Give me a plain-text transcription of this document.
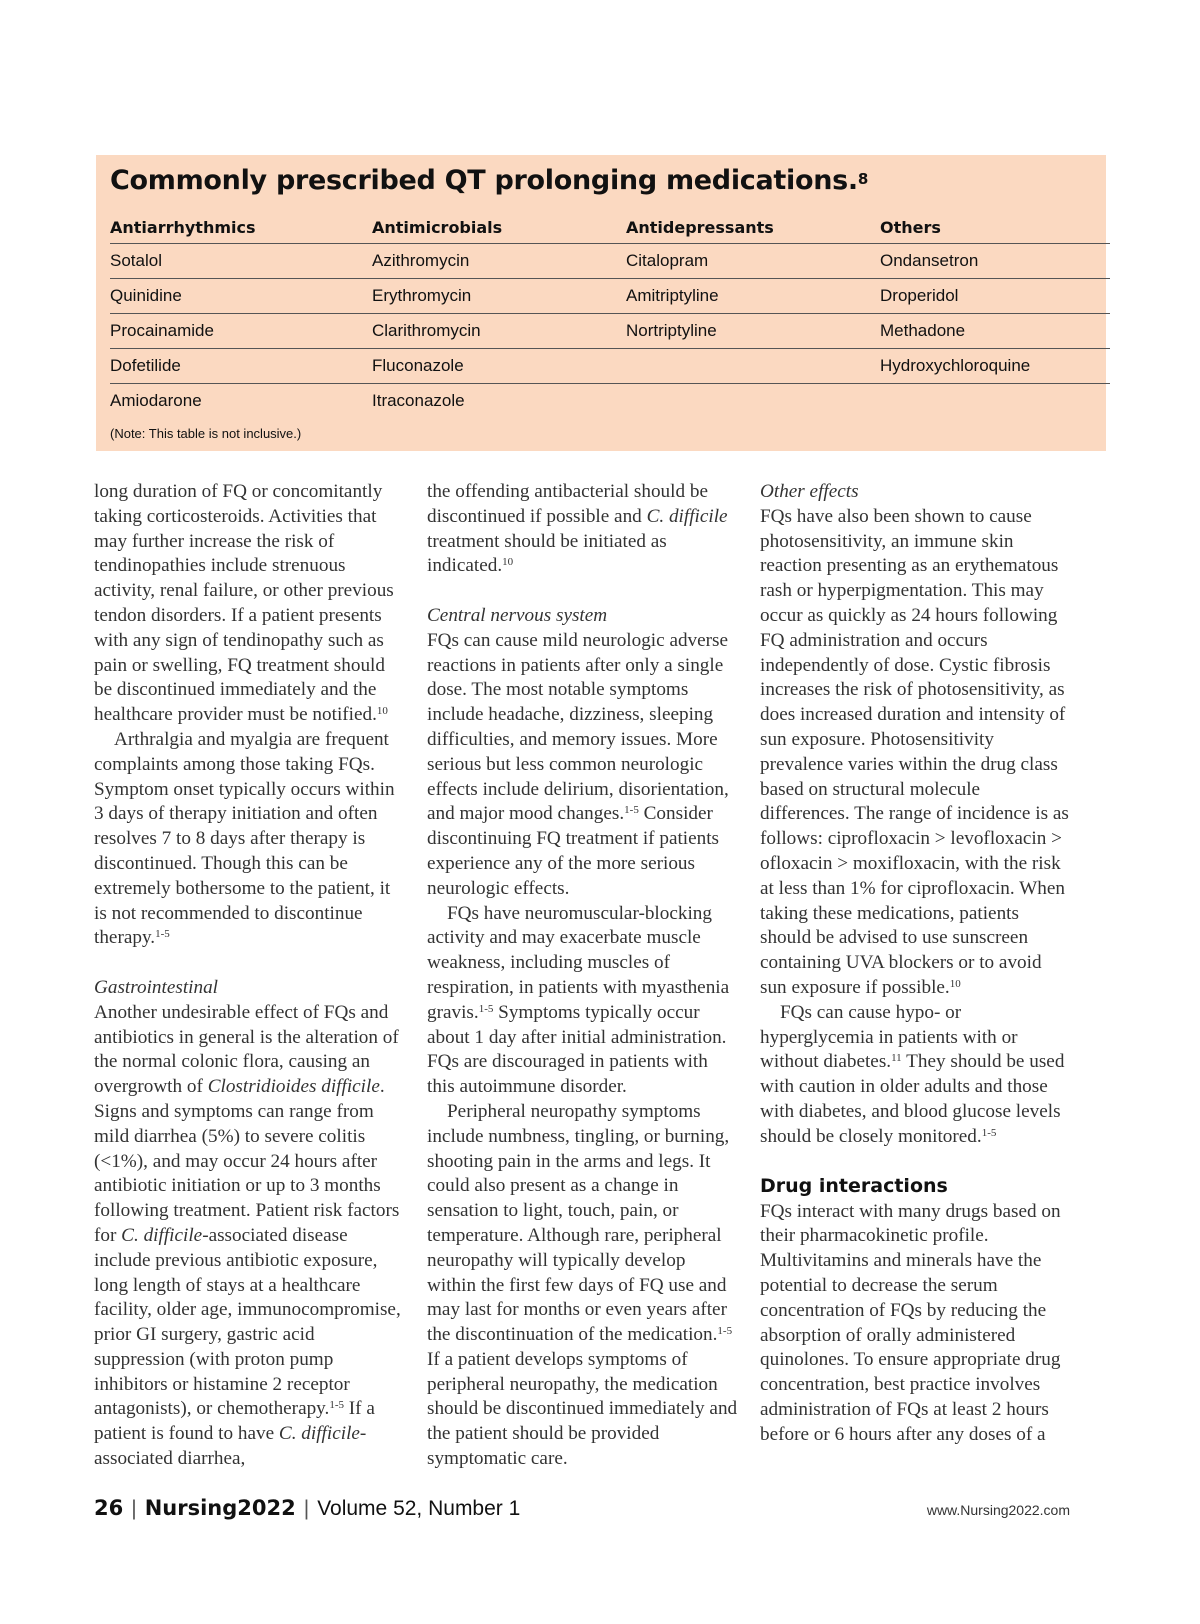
Commonly prescribed QT prolonging medications.$^8$
Antiarrhythmics	Antimicrobials	Antidepressants	Others
Sotalol	Azithromycin	Citalopram	Ondansetron
Quinidine	Erythromycin	Amitriptyline	Droperidol
Procainamide	Clarithromycin	Nortriptyline	Methadone
Dofetilide	Fluconazole		Hydroxychloroquine
Amiodarone	Itraconazole		
(Note: This table is not inclusive.)

long duration of FQ or concomitantly taking corticosteroids. Activities that may further increase the risk of tendinopathies include strenuous activity, renal failure, or other previous tendon disorders. If a patient presents with any sign of tendinopathy such as pain or swelling, FQ treatment should be discontinued immediately and the healthcare provider must be notified.$^{10}$

Arthralgia and myalgia are frequent complaints among those taking FQs. Symptom onset typically occurs within 3 days of therapy initiation and often resolves 7 to 8 days after therapy is discontinued. Though this can be extremely bothersome to the patient, it is not recommended to discontinue therapy.$^{1-5}$

Gastrointestinal

Another undesirable effect of FQs and antibiotics in general is the alteration of the normal colonic flora, causing an overgrowth of Clostridioides difficile. Signs and symptoms can range from mild diarrhea (5%) to severe colitis (<1%), and may occur 24 hours after antibiotic initiation or up to 3 months following treatment. Patient risk factors for C. difficile-associated disease include previous antibiotic exposure, long length of stays at a healthcare facility, older age, immunocompromise, prior GI surgery, gastric acid suppression (with proton pump inhibitors or histamine 2 receptor antagonists), or chemotherapy.$^{1-5}$ If a patient is found to have C. difficile-associated diarrhea,

the offending antibacterial should be discontinued if possible and C. difficile treatment should be initiated as indicated.$^{10}$

Central nervous system

FQs can cause mild neurologic adverse reactions in patients after only a single dose. The most notable symptoms include headache, dizziness, sleeping difficulties, and memory issues. More serious but less common neurologic effects include delirium, disorientation, and major mood changes.$^{1-5}$ Consider discontinuing FQ treatment if patients experience any of the more serious neurologic effects.

FQs have neuromuscular-blocking activity and may exacerbate muscle weakness, including muscles of respiration, in patients with myasthenia gravis.$^{1-5}$ Symptoms typically occur about 1 day after initial administration. FQs are discouraged in patients with this autoimmune disorder.

Peripheral neuropathy symptoms include numbness, tingling, or burning, shooting pain in the arms and legs. It could also present as a change in sensation to light, touch, pain, or temperature. Although rare, peripheral neuropathy will typically develop within the first few days of FQ use and may last for months or even years after the discontinuation of the medication.$^{1-5}$ If a patient develops symptoms of peripheral neuropathy, the medication should be discontinued immediately and the patient should be provided symptomatic care.

Other effects

FQs have also been shown to cause photosensitivity, an immune skin reaction presenting as an erythematous rash or hyperpigmentation. This may occur as quickly as 24 hours following FQ administration and occurs independently of dose. Cystic fibrosis increases the risk of photosensitivity, as does increased duration and intensity of sun exposure. Photosensitivity prevalence varies within the drug class based on structural molecule differences. The range of incidence is as follows: ciprofloxacin > levofloxacin > ofloxacin > moxifloxacin, with the risk at less than 1% for ciprofloxacin. When taking these medications, patients should be advised to use sunscreen containing UVA blockers or to avoid sun exposure if possible.$^{10}$

FQs can cause hypo- or hyperglycemia in patients with or without diabetes.$^{11}$ They should be used with caution in older adults and those with diabetes, and blood glucose levels should be closely monitored.$^{1-5}$

Drug interactions

FQs interact with many drugs based on their pharmacokinetic profile. Multivitamins and minerals have the potential to decrease the serum concentration of FQs by reducing the absorption of orally administered quinolones. To ensure appropriate drug concentration, best practice involves administration of FQs at least 2 hours before or 6 hours after any doses of a

26 | Nursing2022 | Volume 52, Number 1	www.Nursing2022.com
